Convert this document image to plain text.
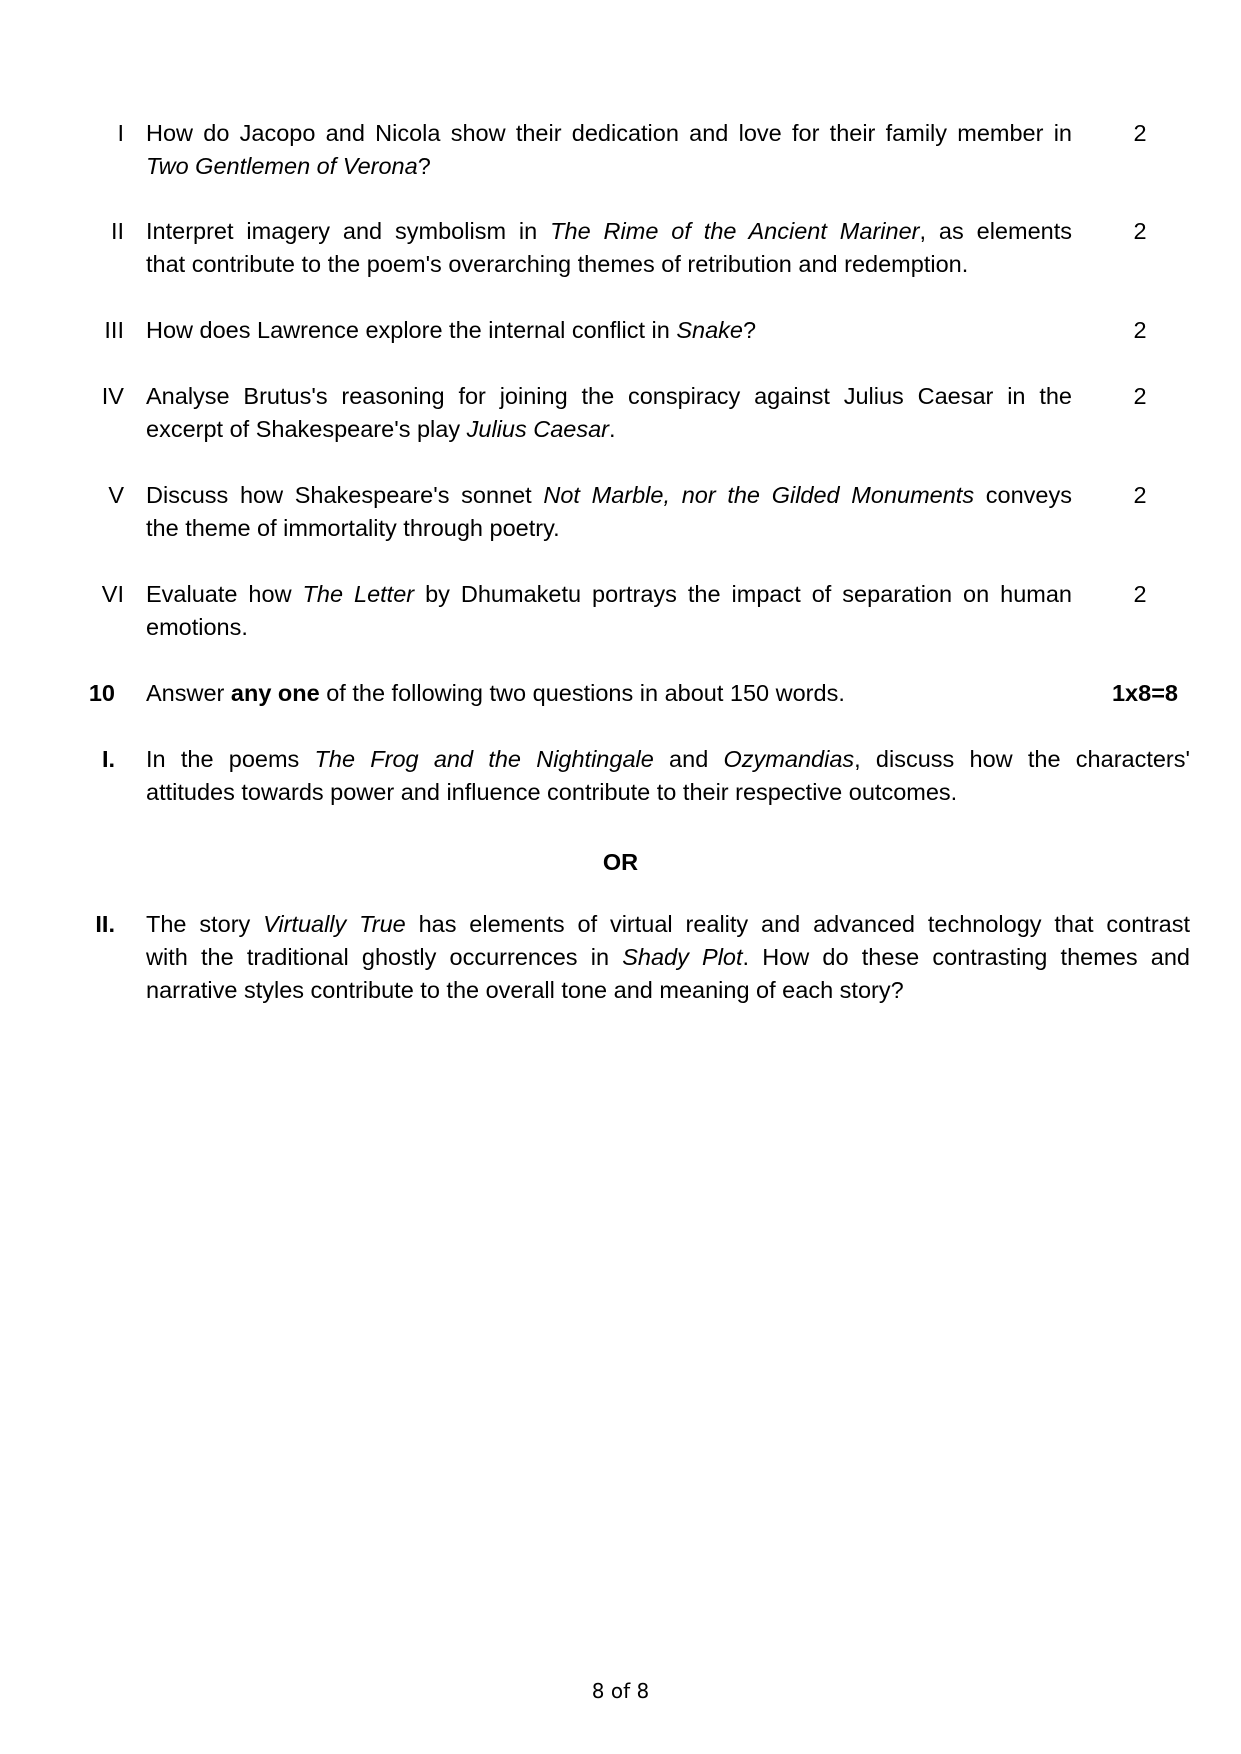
I How do Jacopo and Nicola show their dedication and love for their family member in
Two Gentlemen of Verona?
2
II Interpret imagery and symbolism in The Rime of the Ancient Mariner, as elements
that contribute to the poem's overarching themes of retribution and redemption.
2
III How does Lawrence explore the internal conflict in Snake?	2
IV Analyse Brutus's reasoning for joining the conspiracy against Julius Caesar in the
excerpt of Shakespeare's play Julius Caesar.
2
V Discuss how Shakespeare's sonnet Not Marble, nor the Gilded Monuments conveys
the theme of immortality through poetry.
2
VI Evaluate how The Letter by Dhumaketu portrays the impact of separation on human
emotions.
2
10 Answer any one of the following two questions in about 150 words.	1x8=8
I. In the poems The Frog and the Nightingale and Ozymandias, discuss how the characters'
attitudes towards power and influence contribute to their respective outcomes.
OR
II. The story Virtually True has elements of virtual reality and advanced technology that contrast
with the traditional ghostly occurrences in Shady Plot. How do these contrasting themes and
narrative styles contribute to the overall tone and meaning of each story?
8 of 8
